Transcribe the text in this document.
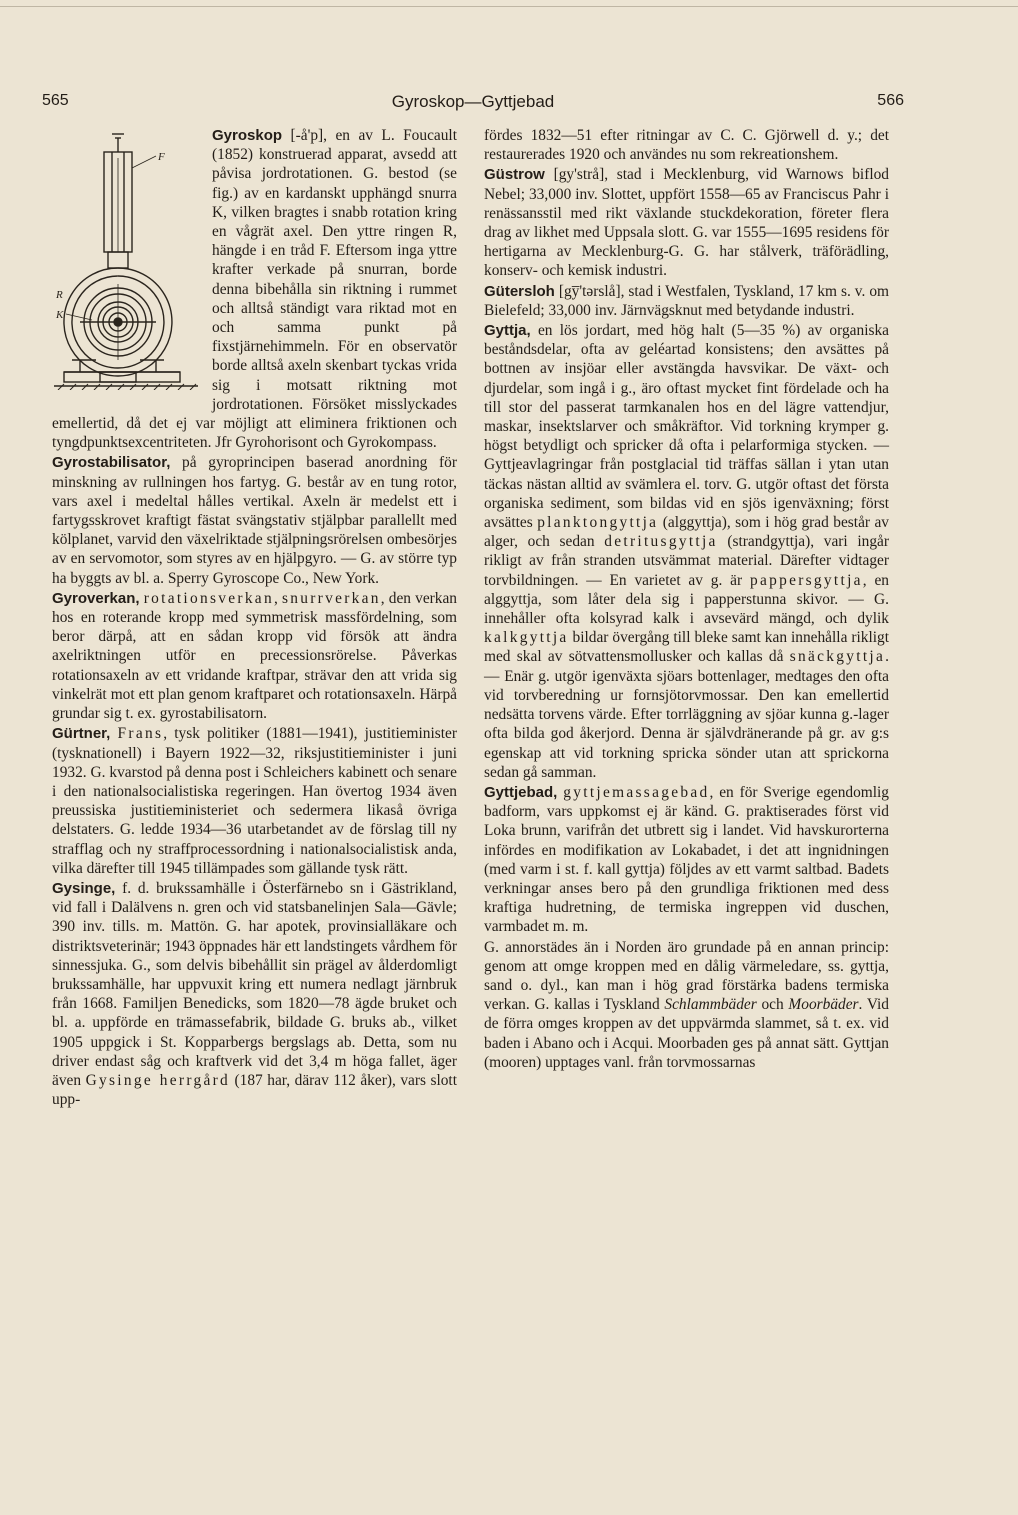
565	Gyroskop—Gyttjebad	566
F
R
K

Gyroskop [-å'p], en av L. Foucault (1852) konstruerad apparat, avsedd att påvisa jordrotationen. G. bestod (se fig.) av en kardanskt upphängd snurra K, vilken bragtes i snabb rotation kring en vågrät axel. Den yttre ringen R, hängde i en tråd F. Eftersom inga yttre krafter verkade på snurran, borde denna bibehålla sin riktning i rummet och alltså ständigt vara riktad mot en och samma punkt på fixstjärnehimmeln. För en observatör borde alltså axeln skenbart tyckas vrida sig i motsatt riktning mot jordrotationen. Försöket misslyckades emellertid, då det ej var möjligt att eliminera friktionen och tyngdpunktsexcentriteten. Jfr Gyrohorisont och Gyrokompass.

Gyrostabilisator, på gyroprincipen baserad anordning för minskning av rullningen hos fartyg. G. består av en tung rotor, vars axel i medeltal hålles vertikal. Axeln är medelst ett i fartygsskrovet kraftigt fästat svängstativ stjälpbar parallellt med kölplanet, varvid den växelriktade stjälpningsrörelsen ombesörjes av en servomotor, som styres av en hjälpgyro. — G. av större typ ha byggts av bl. a. Sperry Gyroscope Co., New York.

Gyroverkan, rotationsverkan, snurrverkan, den verkan hos en roterande kropp med symmetrisk massfördelning, som beror därpå, att en sådan kropp vid försök att ändra axelriktningen utför en precessionsrörelse. Påverkas rotationsaxeln av ett vridande kraftpar, strävar den att vrida sig vinkelrät mot ett plan genom kraftparet och rotationsaxeln. Härpå grundar sig t. ex. gyrostabilisatorn.

Gürtner, Frans, tysk politiker (1881—1941), justitieminister (tysknationell) i Bayern 1922—32, riksjustitieminister i juni 1932. G. kvarstod på denna post i Schleichers kabinett och senare i den nationalsocialistiska regeringen. Han övertog 1934 även preussiska justitieministeriet och sedermera likaså övriga delstaters. G. ledde 1934—36 utarbetandet av de förslag till ny strafflag och ny straffprocessordning i nationalsocialistisk anda, vilka därefter till 1945 tillämpades som gällande tysk rätt.

Gysinge, f. d. brukssamhälle i Österfärnebo sn i Gästrikland, vid fall i Dalälvens n. gren och vid statsbanelinjen Sala—Gävle; 390 inv. tills. m. Mattön. G. har apotek, provinsialläkare och distriktsveterinär; 1943 öppnades här ett landstingets vårdhem för sinnessjuka. G., som delvis bibehållit sin prägel av ålderdomligt brukssamhälle, har uppvuxit kring ett numera nedlagt järnbruk från 1668. Familjen Benedicks, som 1820—78 ägde bruket och bl. a. uppförde en trämassefabrik, bildade G. bruks ab., vilket 1905 uppgick i St. Kopparbergs bergslags ab. Detta, som nu driver endast såg och kraftverk vid det 3,4 m höga fallet, äger även Gysinge herrgård (187 har, därav 112 åker), vars slott upp-

fördes 1832—51 efter ritningar av C. C. Gjörwell d. y.; det restaurerades 1920 och användes nu som rekreationshem.

Güstrow [gy'strå], stad i Mecklenburg, vid Warnows biflod Nebel; 33,000 inv. Slottet, uppfört 1558—65 av Franciscus Pahr i renässansstil med rikt växlande stuckdekoration, företer flera drag av likhet med Uppsala slott. G. var 1555—1695 residens för hertigarna av Mecklenburg-G. G. har stålverk, träförädling, konserv- och kemisk industri.

Gütersloh [gy̅'tərslå], stad i Westfalen, Tyskland, 17 km s. v. om Bielefeld; 33,000 inv. Järnvägsknut med betydande industri.

Gyttja, en lös jordart, med hög halt (5—35 %) av organiska beståndsdelar, ofta av geléartad konsistens; den avsättes på bottnen av insjöar eller avstängda havsvikar. De växt- och djurdelar, som ingå i g., äro oftast mycket fint fördelade och ha till stor del passerat tarmkanalen hos en del lägre vattendjur, maskar, insektslarver och småkräftor. Vid torkning krymper g. högst betydligt och spricker då ofta i pelarformiga stycken. — Gyttjeavlagringar från postglacial tid träffas sällan i ytan utan täckas nästan alltid av svämlera el. torv. G. utgör oftast det första organiska sediment, som bildas vid en sjös igenväxning; först avsättes planktongyttja (alggyttja), som i hög grad består av alger, och sedan detritusgyttja (strandgyttja), vari ingår rikligt av från stranden utsvämmat material. Därefter vidtager torvbildningen. — En varietet av g. är pappersgyttja, en alggyttja, som låter dela sig i papperstunna skivor. — G. innehåller ofta kolsyrad kalk i avsevärd mängd, och dylik kalkgyttja bildar övergång till bleke samt kan innehålla rikligt med skal av sötvattensmollusker och kallas då snäckgyttja. — Enär g. utgör igenväxta sjöars bottenlager, medtages den ofta vid torvberedning ur fornsjötorvmossar. Den kan emellertid nedsätta torvens värde. Efter torrläggning av sjöar kunna g.-lager ofta bilda god åkerjord. Denna är självdränerande på gr. av g:s egenskap att vid torkning spricka sönder utan att sprickorna sedan gå samman.

Gyttjebad, gyttjemassagebad, en för Sverige egendomlig badform, vars uppkomst ej är känd. G. praktiserades först vid Loka brunn, varifrån det utbrett sig i landet. Vid havskurorterna infördes en modifikation av Lokabadet, i det att ingnidningen (med varm i st. f. kall gyttja) följdes av ett varmt saltbad. Badets verkningar anses bero på den grundliga friktionen med dess kraftiga hudretning, de termiska ingreppen vid duschen, varmbadet m. m.

G. annorstädes än i Norden äro grundade på en annan princip: genom att omge kroppen med en dålig värmeledare, ss. gyttja, sand o. dyl., kan man i hög grad förstärka badens termiska verkan. G. kallas i Tyskland Schlammbäder och Moorbäder. Vid de förra omges kroppen av det uppvärmda slammet, så t. ex. vid baden i Abano och i Acqui. Moorbaden ges på annat sätt. Gyttjan (mooren) upptages vanl. från torvmossarnas
